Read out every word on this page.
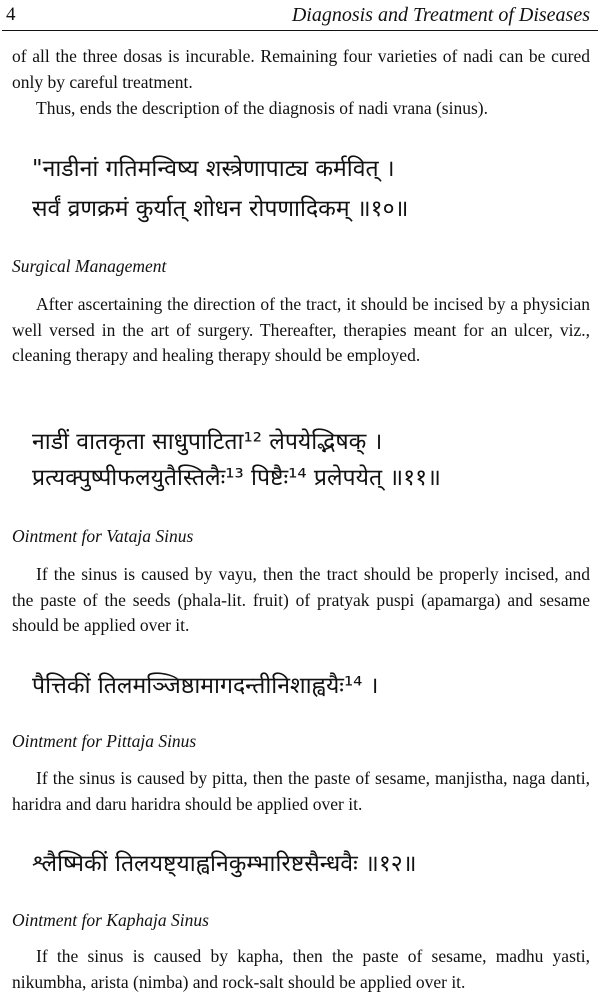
4	Diagnosis and Treatment of Diseases
of all the three dosas is incurable. Remaining four varieties of nadi can be cured only by careful treatment.
Thus, ends the description of the diagnosis of nadi vrana (sinus).
"नाडीनां गतिमन्विष्य शस्त्रेणापाट्य कर्मवित् ।
सर्वं व्रणक्रमं कुर्यात् शोधन रोपणादिकम् ॥१०॥
Surgical Management
After ascertaining the direction of the tract, it should be incised by a physician well versed in the art of surgery. Thereafter, therapies meant for an ulcer, viz., cleaning therapy and healing therapy should be employed.
नाडीं वातकृता साधुपाटिता¹² लेपयेद्भिषक् ।
प्रत्यक्पुष्पीफलयुतैस्तिलैः¹³ पिष्टैः¹⁴ प्रलेपयेत् ॥११॥
Ointment for Vataja Sinus
If the sinus is caused by vayu, then the tract should be properly incised, and the paste of the seeds (phala-lit. fruit) of pratyak puspi (apamarga) and sesame should be applied over it.
पैत्तिकीं तिलमञ्जिष्ठामागदन्तीनिशाह्वयैः¹⁴ ।
Ointment for Pittaja Sinus
If the sinus is caused by pitta, then the paste of sesame, manjistha, naga danti, haridra and daru haridra should be applied over it.
श्लैष्मिकीं तिलयष्ट्याह्वनिकुम्भारिष्टसैन्धवैः ॥१२॥
Ointment for Kaphaja Sinus
If the sinus is caused by kapha, then the paste of sesame, madhu yasti, nikumbha, arista (nimba) and rock-salt should be applied over it.
